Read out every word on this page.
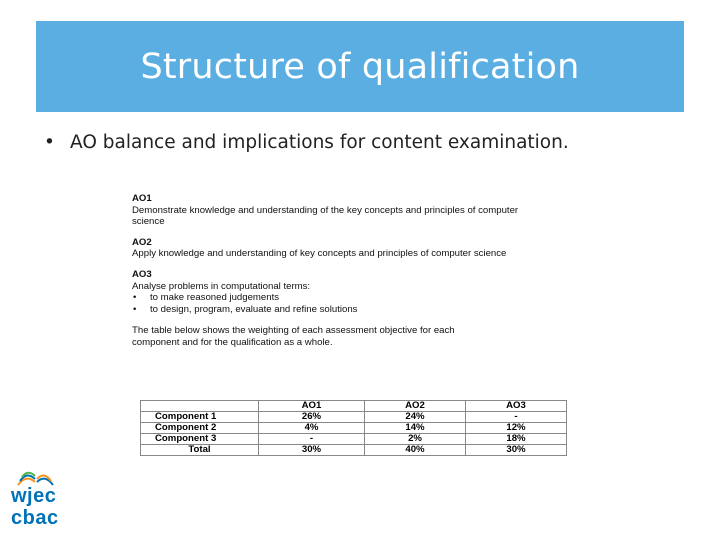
Structure of qualification
• AO balance and implications for content examination.
AO1
Demonstrate knowledge and understanding of the key concepts and principles of computer science
AO2
Apply knowledge and understanding of key concepts and principles of computer science
AO3
Analyse problems in computational terms:
• to make reasoned judgements
• to design, program, evaluate and refine solutions
The table below shows the weighting of each assessment objective for each component and for the qualification as a whole.
	AO1	AO2	AO3
Component 1	26%	24%	-
Component 2	4%	14%	12%
Component 3	-	2%	18%
Total	30%	40%	30%
wjec
cbac
